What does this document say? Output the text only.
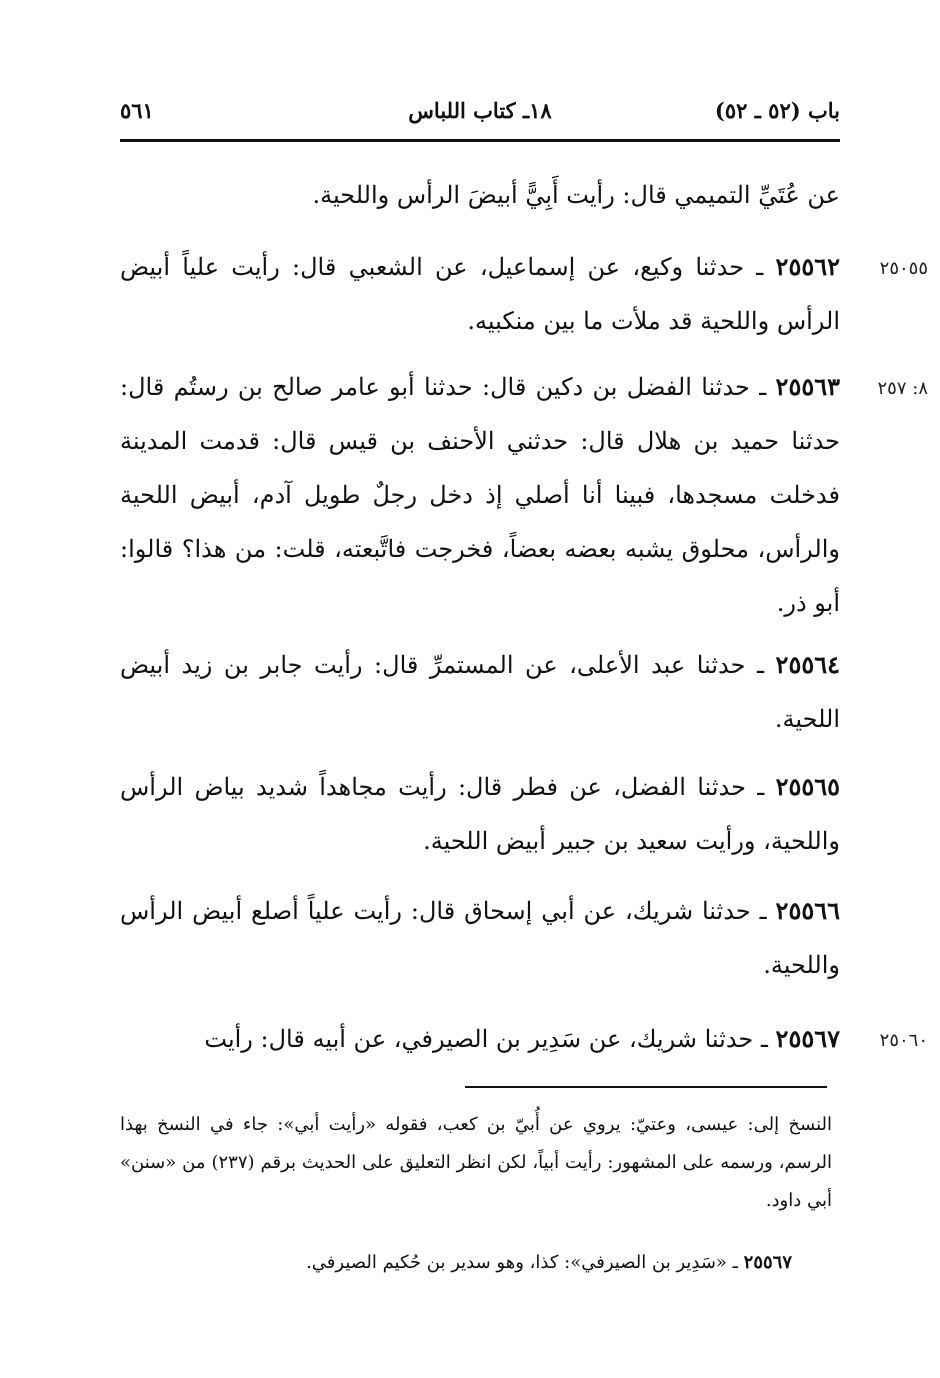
باب (٥٢ ـ ٥٢)
١٨ـ كتاب اللباس
٥٦١
عن عُتَيِّ التميمي قال: رأيت أَبِيًّ أبيضَ الرأس واللحية.
٢٥٠٥٥
٢٥٥٦٢ ـ حدثنا وكيع، عن إسماعيل، عن الشعبي قال: رأيت علياً أبيض الرأس واللحية قد ملأت ما بين منكبيه.
٨: ٢٥٧
٢٥٥٦٣ ـ حدثنا الفضل بن دكين قال: حدثنا أبو عامر صالح بن رستُم قال: حدثنا حميد بن هلال قال: حدثني الأحنف بن قيس قال: قدمت المدينة فدخلت مسجدها، فبينا أنا أصلي إذ دخل رجلٌ طويل آدم، أبيض اللحية والرأس، محلوق يشبه بعضه بعضاً، فخرجت فاتَّبعته، قلت: من هذا؟ قالوا: أبو ذر.
٢٥٥٦٤ ـ حدثنا عبد الأعلى، عن المستمرِّ قال: رأيت جابر بن زيد أبيض اللحية.
٢٥٥٦٥ ـ حدثنا الفضل، عن فطر قال: رأيت مجاهداً شديد بياض الرأس واللحية، ورأيت سعيد بن جبير أبيض اللحية.
٢٥٥٦٦ ـ حدثنا شريك، عن أبي إسحاق قال: رأيت علياً أصلع أبيض الرأس واللحية.
٢٥٠٦٠
٢٥٥٦٧ ـ حدثنا شريك، عن سَدِير بن الصيرفي، عن أبيه قال: رأيت
النسخ إلى: عيسى، وعتيّ: يروي عن أُبيّ بن كعب، فقوله «رأيت أبي»: جاء في النسخ بهذا الرسم، ورسمه على المشهور: رأيت أبياً، لكن انظر التعليق على الحديث برقم (٢٣٧) من «سنن» أبي داود.
٢٥٥٦٧ ـ «سَدِير بن الصيرفي»: كذا، وهو سدير بن حُكيم الصيرفي.
